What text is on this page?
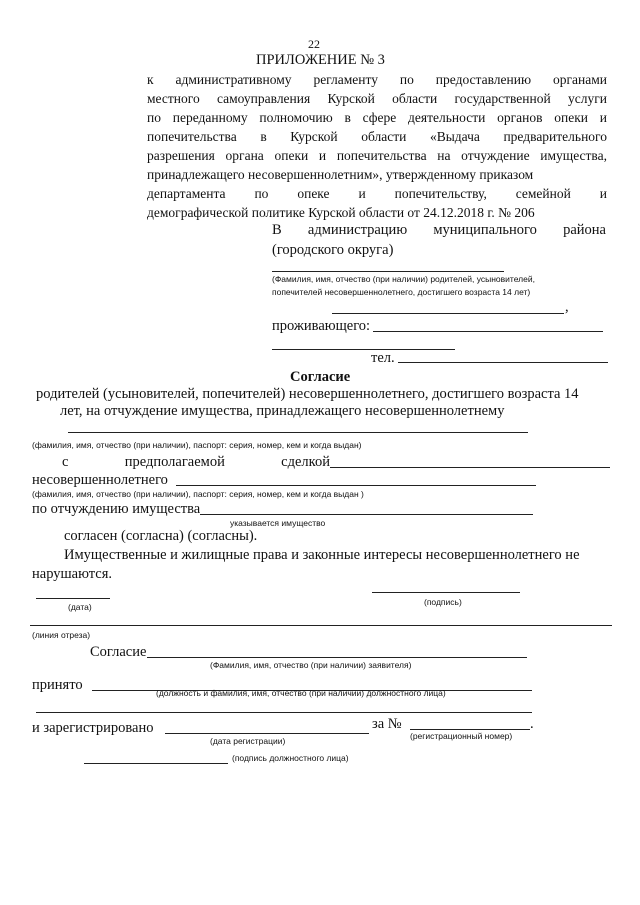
22
ПРИЛОЖЕНИЕ № 3
к административному регламенту по предоставлению органами
местного самоуправления Курской области государственной услуги
по переданному полномочию в сфере деятельности органов опеки и
попечительства в Курской области «Выдача предварительного
разрешения органа опеки и попечительства на отчуждение имущества,
принадлежащего несовершеннолетним», утвержденному приказом
департамента по опеке и попечительству, семейной и
демографической политике Курской области от 24.12.2018 г. № 206
В администрацию муниципального района
(городского округа)
(Фамилия, имя, отчество (при наличии) родителей, усыновителей,
попечителей несовершеннолетнего, достигшего возраста 14 лет)
,
проживающего:
тел.
Согласие
родителей (усыновителей, попечителей) несовершеннолетнего, достигшего возраста 14
лет, на отчуждение имущества, принадлежащего несовершеннолетнему
(фамилия, имя, отчество (при наличии), паспорт: серия, номер, кем и когда выдан)
с	предполагаемой	сделкой
несовершеннолетнего
(фамилия, имя, отчество (при наличии), паспорт: серия, номер, кем и когда выдан )
по отчуждению имущества
указывается имущество
согласен (согласна) (согласны).
Имущественные и жилищные права и законные интересы несовершеннолетнего не
нарушаются.
(дата)	(подпись)
(линия отреза)
Согласие
(Фамилия, имя, отчество (при наличии) заявителя)
принято	(должность и фамилия, имя, отчество (при наличии) должностного лица)
и зарегистрировано	за №	.
(дата регистрации)	(регистрационный номер)
(подпись должностного лица)
